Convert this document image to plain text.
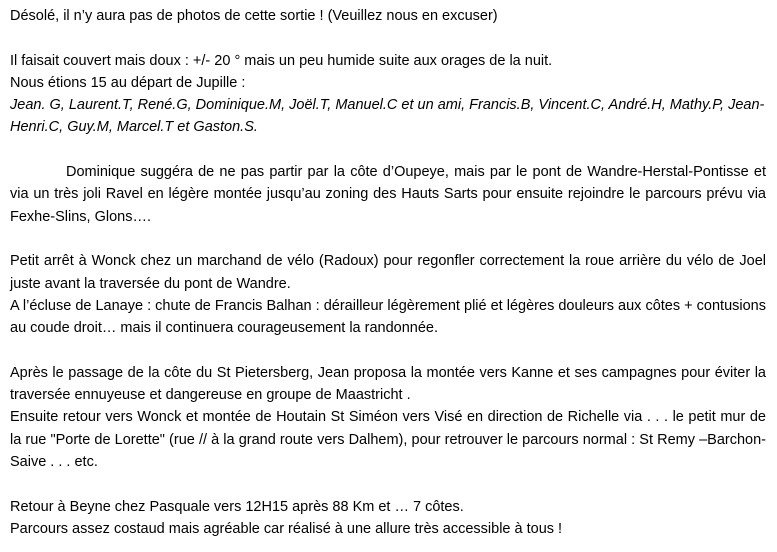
Désolé, il n’y aura pas de photos de cette sortie ! (Veuillez nous en excuser)

Il faisait couvert mais doux : +/- 20 ° mais un peu humide suite aux orages de la nuit.

Nous étions 15 au départ de Jupille :

Jean. G, Laurent.T, René.G, Dominique.M, Joël.T, Manuel.C et un ami, Francis.B, Vincent.C, André.H, Mathy.P, Jean-Henri.C, Guy.M, Marcel.T et Gaston.S.

Dominique suggéra de ne pas partir par la côte d’Oupeye, mais par le pont de Wandre-Herstal-Pontisse et via un très joli Ravel en légère montée jusqu’au zoning des Hauts Sarts pour ensuite rejoindre le parcours prévu via Fexhe-Slins, Glons….

Petit arrêt à Wonck chez un marchand de vélo (Radoux) pour regonfler correctement la roue arrière du vélo de Joel juste avant la traversée du pont de Wandre.

A l’écluse de Lanaye : chute de Francis Balhan : dérailleur légèrement plié et légères douleurs aux côtes + contusions au coude droit… mais il continuera courageusement la randonnée.

Après le passage de la côte du St Pietersberg, Jean proposa la montée vers Kanne et ses campagnes pour éviter la traversée ennuyeuse et dangereuse en groupe de Maastricht .

Ensuite retour vers Wonck et montée de Houtain St Siméon vers Visé en direction de Richelle via . . . le petit mur de la rue "Porte de Lorette" (rue // à la grand route vers Dalhem), pour retrouver le parcours normal : St Remy –Barchon-Saive . . . etc.

Retour à Beyne chez Pasquale vers 12H15 après 88 Km et … 7 côtes.

Parcours assez costaud mais agréable car réalisé à une allure très accessible à tous !
